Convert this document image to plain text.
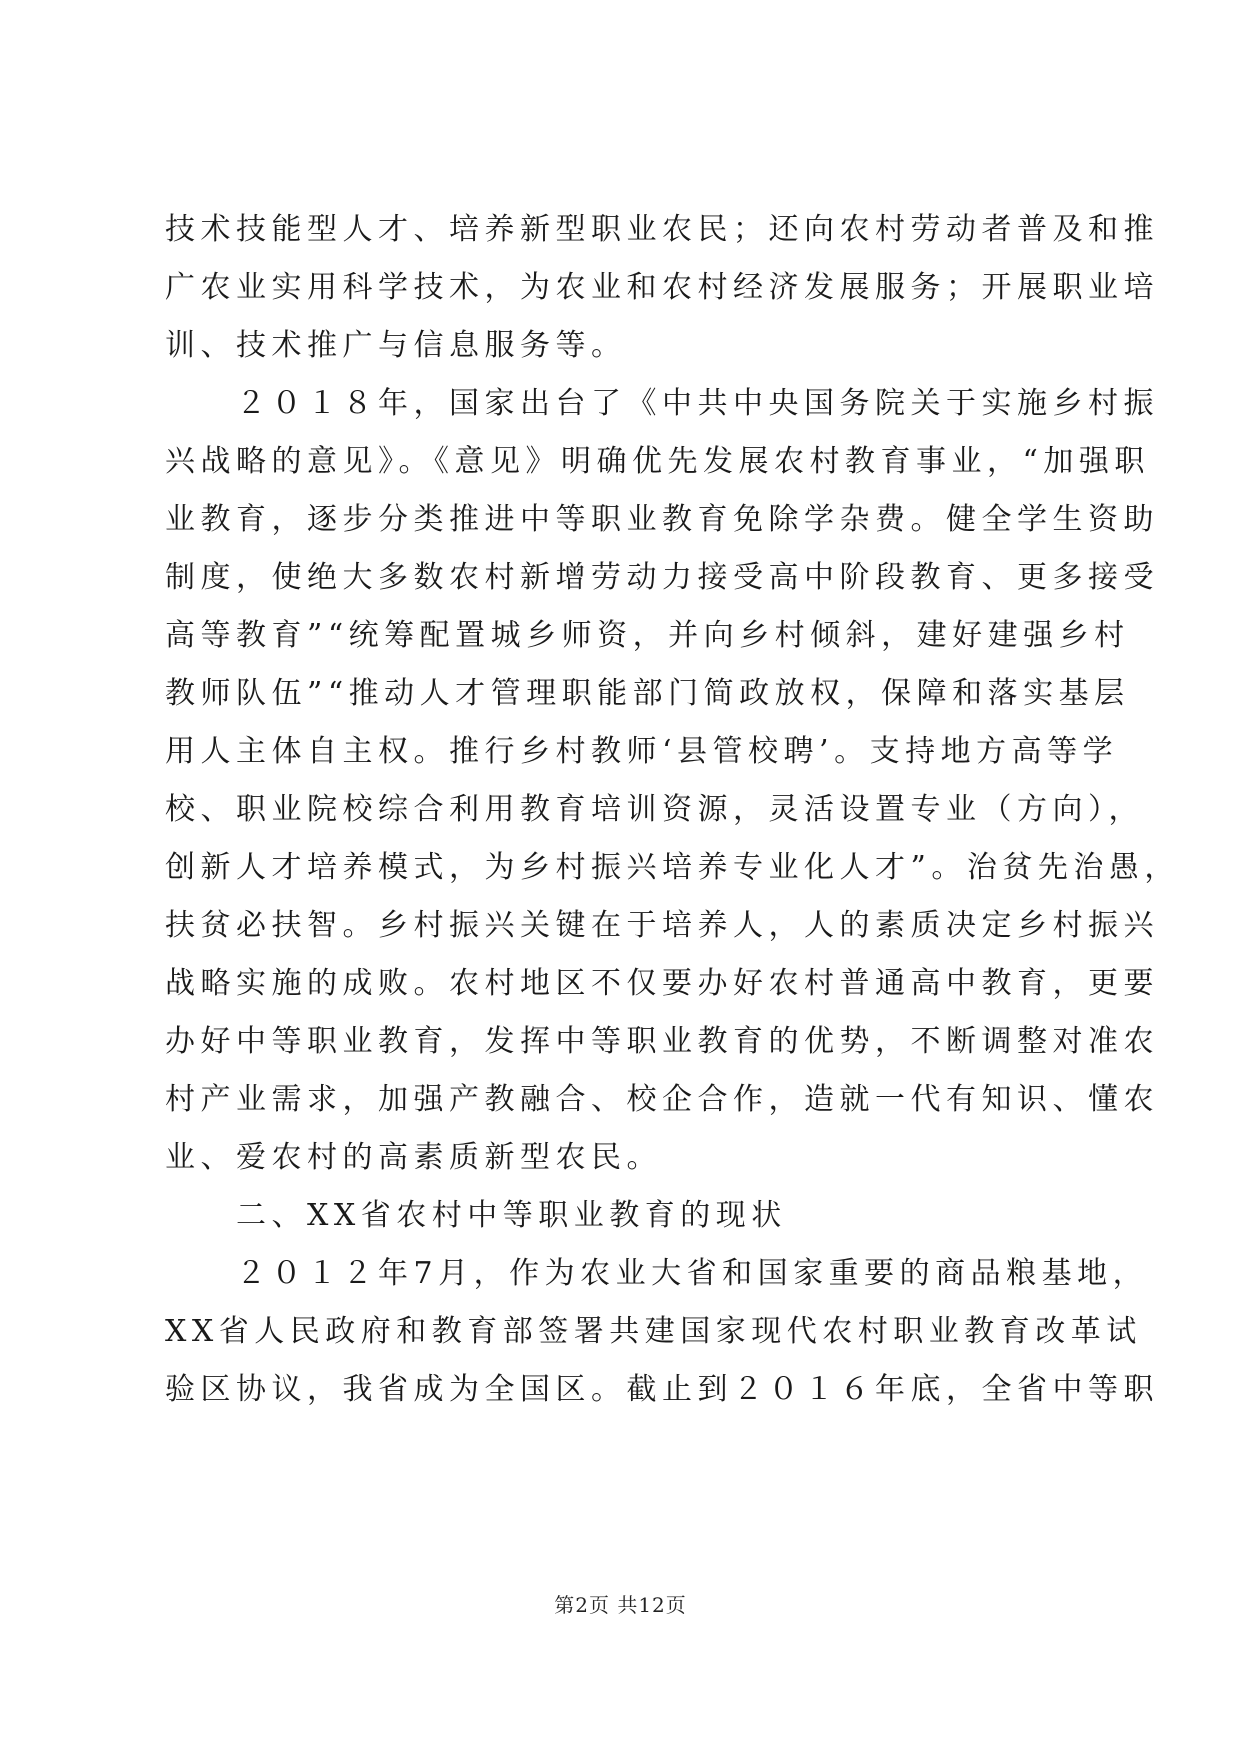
技术技能型人才、培养新型职业农民；还向农村劳动者普及和推
广农业实用科学技术，为农业和农村经济发展服务；开展职业培
训、技术推广与信息服务等。
２０１８年，国家出台了《中共中央国务院关于实施乡村振
兴战略的意见》。《意见》明确优先发展农村教育事业，“加强职
业教育，逐步分类推进中等职业教育免除学杂费。健全学生资助
制度，使绝大多数农村新增劳动力接受高中阶段教育、更多接受
高等教育”“统筹配置城乡师资，并向乡村倾斜，建好建强乡村
教师队伍”“推动人才管理职能部门简政放权，保障和落实基层
用人主体自主权。推行乡村教师‘县管校聘’。支持地方高等学
校、职业院校综合利用教育培训资源，灵活设置专业（方向），
创新人才培养模式，为乡村振兴培养专业化人才”。治贫先治愚，
扶贫必扶智。乡村振兴关键在于培养人，人的素质决定乡村振兴
战略实施的成败。农村地区不仅要办好农村普通高中教育，更要
办好中等职业教育，发挥中等职业教育的优势，不断调整对准农
村产业需求，加强产教融合、校企合作，造就一代有知识、懂农
业、爱农村的高素质新型农民。
二、XX省农村中等职业教育的现状
２０１２年7月，作为农业大省和国家重要的商品粮基地，
XX省人民政府和教育部签署共建国家现代农村职业教育改革试
验区协议，我省成为全国区。截止到２０１６年底，全省中等职
第2页 共12页
